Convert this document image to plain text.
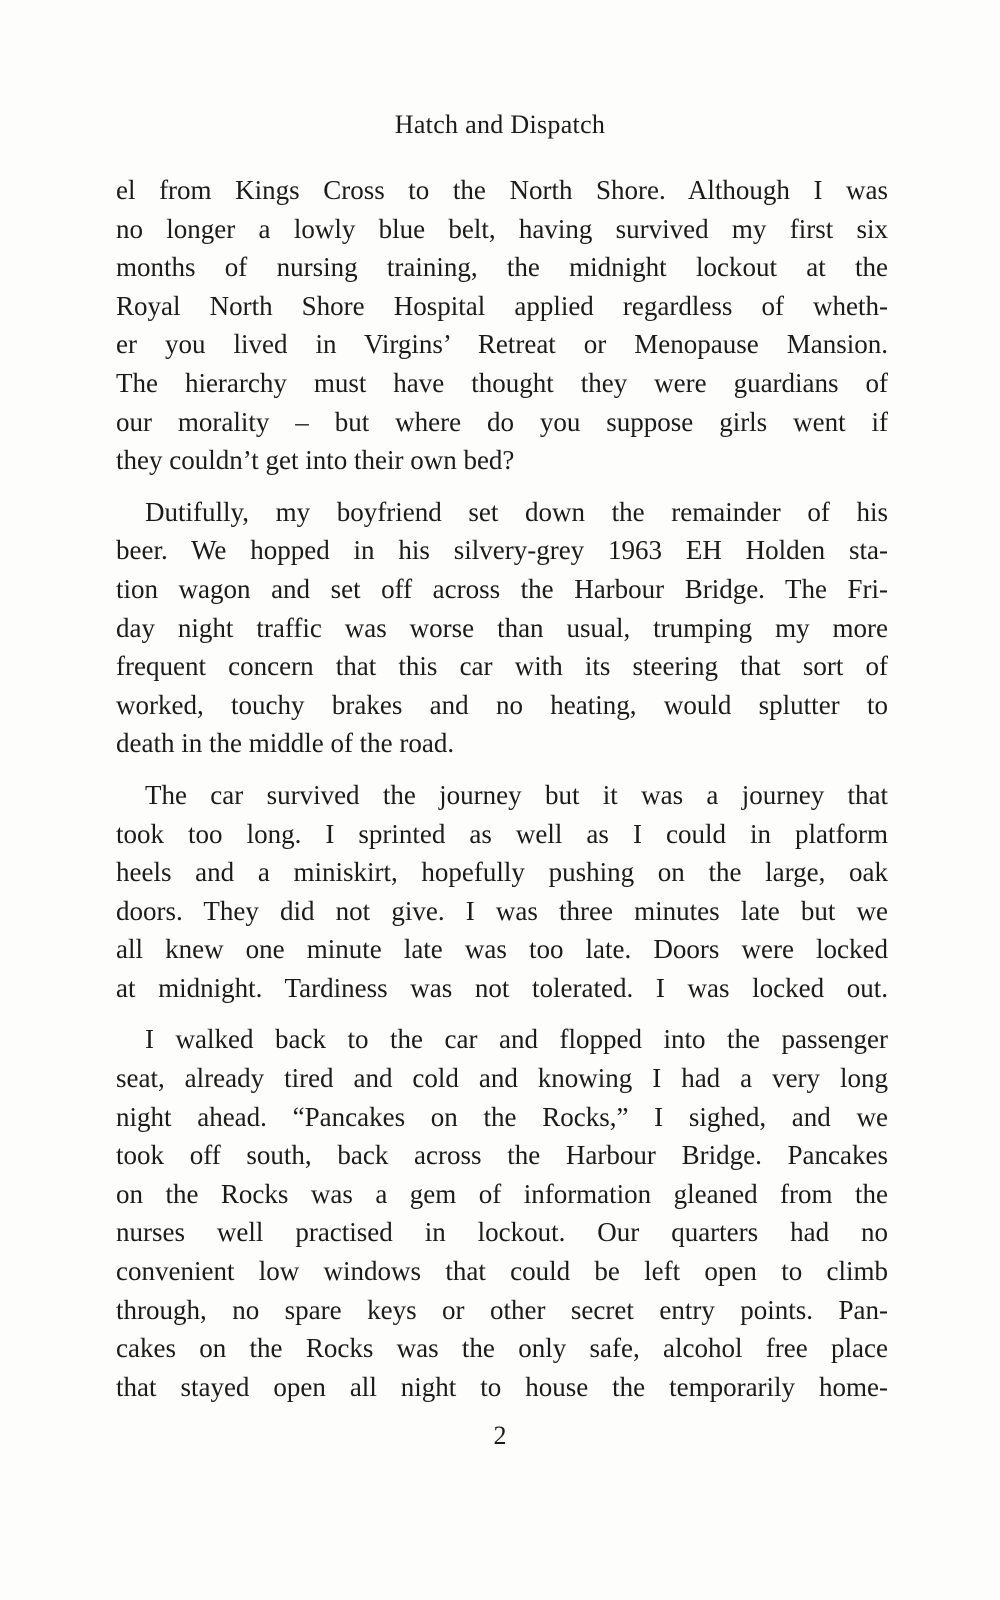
Hatch and Dispatch
el from Kings Cross to the North Shore. Although I was
no longer a lowly blue belt, having survived my first six
months of nursing training, the midnight lockout at the
Royal North Shore Hospital applied regardless of wheth-
er you lived in Virgins’ Retreat or Menopause Mansion.
The hierarchy must have thought they were guardians of
our morality – but where do you suppose girls went if
they couldn’t get into their own bed?
Dutifully, my boyfriend set down the remainder of his
beer. We hopped in his silvery-grey 1963 EH Holden sta-
tion wagon and set off across the Harbour Bridge. The Fri-
day night traffic was worse than usual, trumping my more
frequent concern that this car with its steering that sort of
worked, touchy brakes and no heating, would splutter to
death in the middle of the road.
The car survived the journey but it was a journey that
took too long. I sprinted as well as I could in platform
heels and a miniskirt, hopefully pushing on the large, oak
doors. They did not give. I was three minutes late but we
all knew one minute late was too late. Doors were locked
at midnight. Tardiness was not tolerated. I was locked out.
I walked back to the car and flopped into the passenger
seat, already tired and cold and knowing I had a very long
night ahead. “Pancakes on the Rocks,” I sighed, and we
took off south, back across the Harbour Bridge. Pancakes
on the Rocks was a gem of information gleaned from the
nurses well practised in lockout. Our quarters had no
convenient low windows that could be left open to climb
through, no spare keys or other secret entry points. Pan-
cakes on the Rocks was the only safe, alcohol free place
that stayed open all night to house the temporarily home-
2
